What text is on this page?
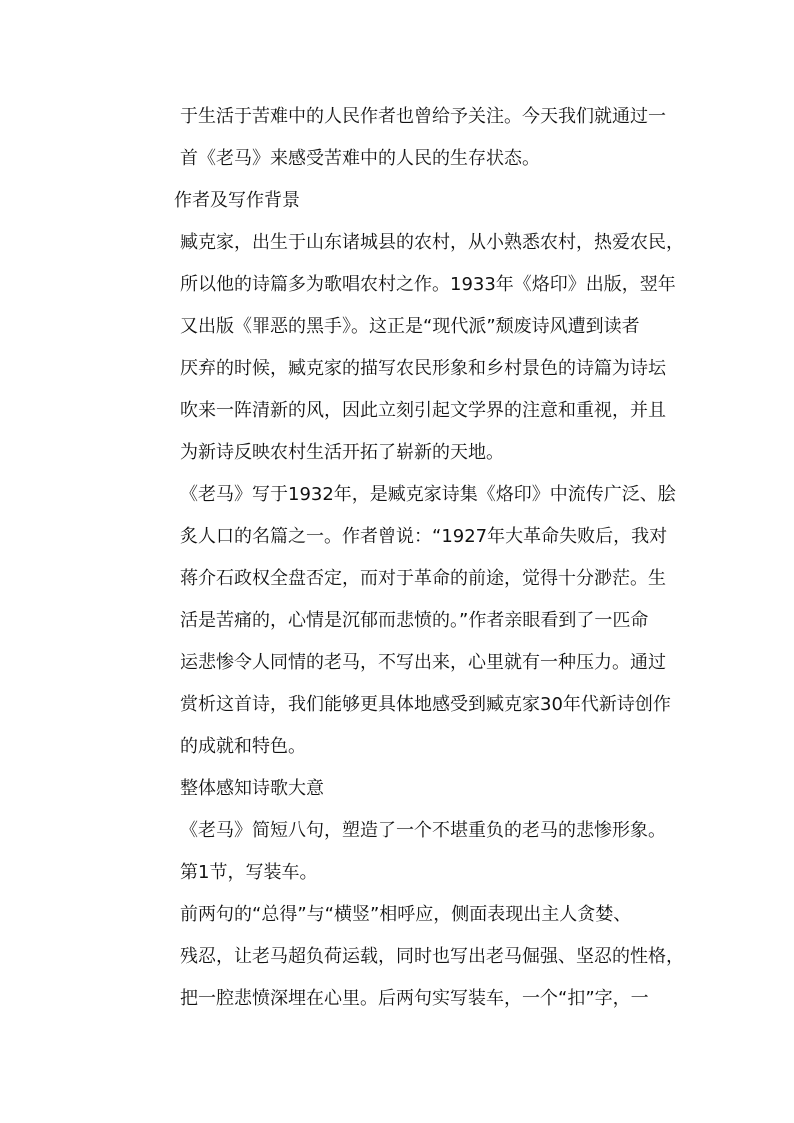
于生活于苦难中的人民作者也曾给予关注。今天我们就通过一
首《老马》来感受苦难中的人民的生存状态。
作者及写作背景
臧克家，出生于山东诸城县的农村，从小熟悉农村，热爱农民，
所以他的诗篇多为歌唱农村之作。1933年《烙印》出版，翌年
又出版《罪恶的黑手》。这正是“现代派”颓废诗风遭到读者
厌弃的时候，臧克家的描写农民形象和乡村景色的诗篇为诗坛
吹来一阵清新的风，因此立刻引起文学界的注意和重视，并且
为新诗反映农村生活开拓了崭新的天地。
《老马》写于1932年，是臧克家诗集《烙印》中流传广泛、脍
炙人口的名篇之一。作者曾说：“1927年大革命失败后，我对
蒋介石政权全盘否定，而对于革命的前途，觉得十分渺茫。生
活是苦痛的，心情是沉郁而悲愤的。”作者亲眼看到了一匹命
运悲惨令人同情的老马，不写出来，心里就有一种压力。通过
赏析这首诗，我们能够更具体地感受到臧克家30年代新诗创作
的成就和特色。
整体感知诗歌大意
《老马》简短八句，塑造了一个不堪重负的老马的悲惨形象。
第1节，写装车。
前两句的“总得”与“横竖”相呼应，侧面表现出主人贪婪、
残忍，让老马超负荷运载，同时也写出老马倔强、坚忍的性格，
把一腔悲愤深埋在心里。后两句实写装车，一个“扣”字，一
